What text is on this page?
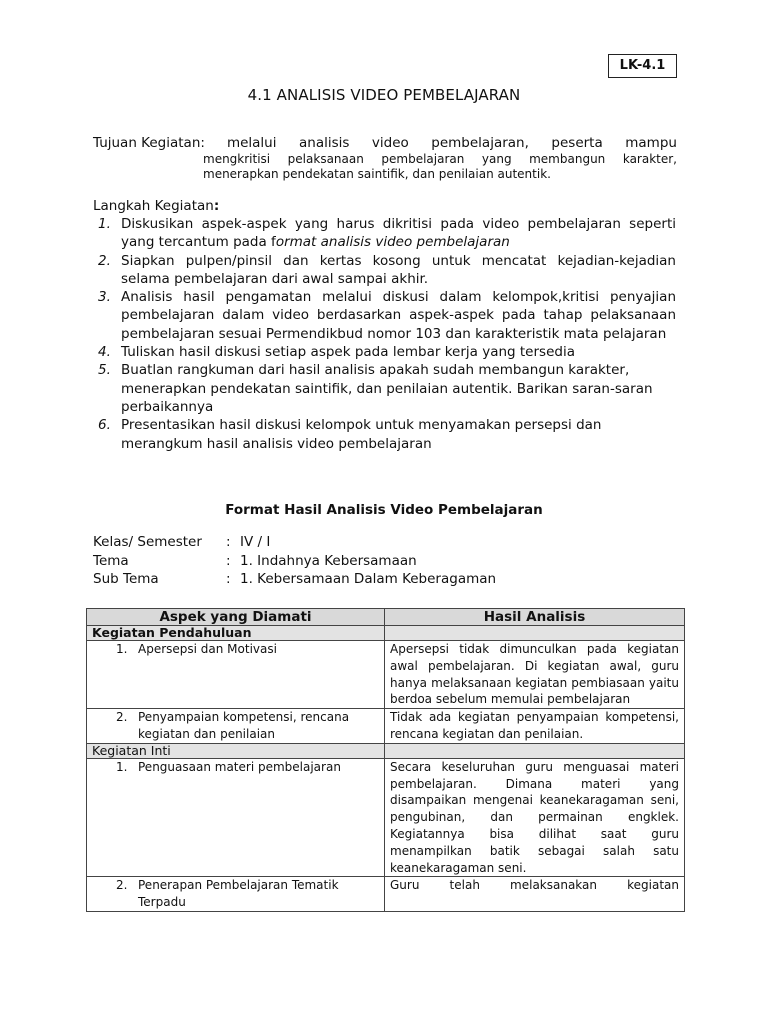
LK-4.1
4.1 ANALISIS VIDEO PEMBELAJARAN
Tujuan Kegiatan: melalui analisis video pembelajaran, peserta mampu
mengkritisi pelaksanaan pembelajaran yang membangun karakter, menerapkan pendekatan saintifik, dan penilaian autentik.
Langkah Kegiatan:
1. Diskusikan aspek-aspek yang harus dikritisi pada video pembelajaran seperti yang tercantum pada format analisis video pembelajaran
2. Siapkan pulpen/pinsil dan kertas kosong untuk mencatat kejadian-kejadian selama pembelajaran dari awal sampai akhir.
3. Analisis hasil pengamatan melalui diskusi dalam kelompok,kritisi penyajian pembelajaran dalam video berdasarkan aspek-aspek pada tahap pelaksanaan pembelajaran sesuai Permendikbud nomor 103 dan karakteristik mata pelajaran
4. Tuliskan hasil diskusi setiap aspek pada lembar kerja yang tersedia
5. Buatlan rangkuman dari hasil analisis apakah sudah membangun karakter, menerapkan pendekatan saintifik, dan penilaian autentik. Barikan saran-saran perbaikannya
6. Presentasikan hasil diskusi kelompok untuk menyamakan persepsi dan merangkum hasil analisis video pembelajaran
Format Hasil Analisis Video Pembelajaran
Kelas/ Semester	: IV / I
Tema	: 1. Indahnya Kebersamaan
Sub Tema	: 1. Kebersamaan Dalam Keberagaman
Aspek yang Diamati	Hasil Analisis
Kegiatan Pendahuluan	

1. Apersepsi dan Motivasi	Apersepsi tidak dimunculkan pada kegiatan awal pembelajaran. Di kegiatan awal, guru hanya melaksanaan kegiatan pembiasaan yaitu berdoa sebelum memulai pembelajaran

2. Penyampaian kompetensi, rencana kegiatan dan penilaian	Tidak ada kegiatan penyampaian kompetensi, rencana kegiatan dan penilaian.

Kegiatan Inti	

1. Penguasaan materi pembelajaran	Secara keseluruhan guru menguasai materi pembelajaran. Dimana materi yang disampaikan mengenai keanekaragaman seni, pengubinan, dan permainan engklek. Kegiatannya bisa dilihat saat guru menampilkan batik sebagai salah satu keanekaragaman seni.

2. Penerapan Pembelajaran Tematik Terpadu	Guru telah melaksanakan kegiatan
